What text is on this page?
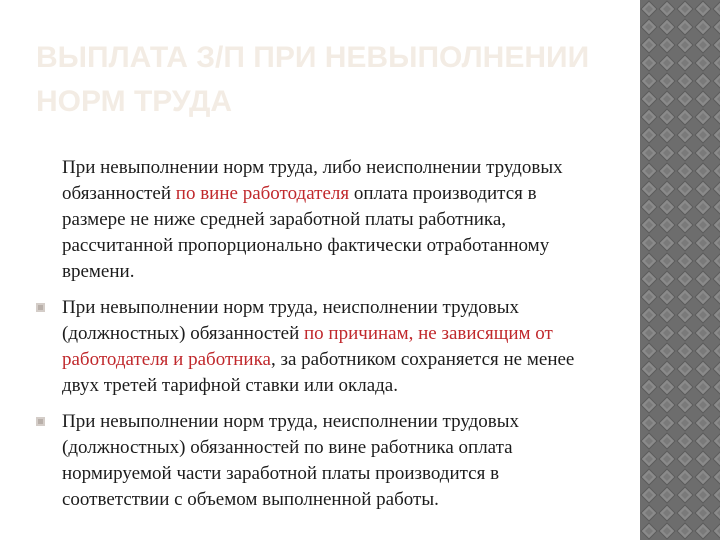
ВЫПЛАТА З/П ПРИ НЕВЫПОЛНЕНИИ НОРМ ТРУДА

При невыполнении норм труда, либо неисполнении трудовых обязанностей по вине работодателя оплата производится в размере не ниже средней заработной платы работника, рассчитанной пропорционально фактически отработанному времени.

При невыполнении норм труда, неисполнении трудовых (должностных) обязанностей по причинам, не зависящим от работодателя и работника, за работником сохраняется не менее двух третей тарифной ставки или оклада.

При невыполнении норм труда, неисполнении трудовых (должностных) обязанностей по вине работника оплата нормируемой части заработной платы производится в соответствии с объемом выполненной работы.
